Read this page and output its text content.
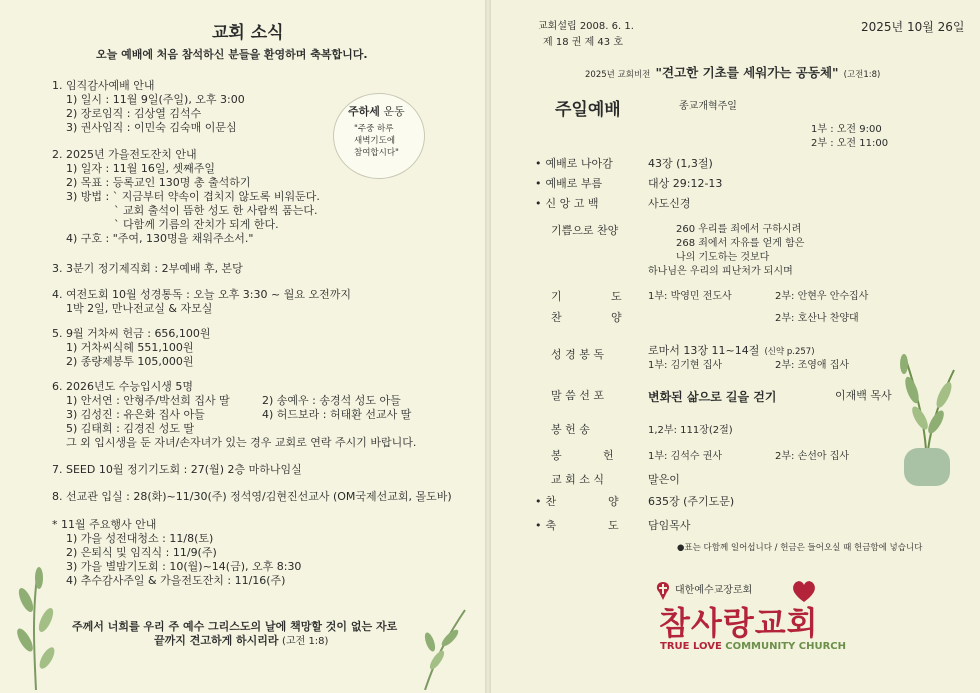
교회 소식
오늘 예배에 처음 참석하신 분들을 환영하며 축복합니다.
주하세 운동
"주중 하루
새벽기도에
참여합시다"
1. 임직감사예배 안내
1) 일시 : 11월 9일(주일), 오후 3:00
2) 장로임직 : 김상열 김석수
3) 권사임직 : 이민숙 김숙매 이문심
2. 2025년 가을전도잔치 안내
1) 일자 : 11월 16일, 셋째주일
2) 목표 : 등록교인 130명 총 출석하기
3) 방법 : ` 지금부터 약속이 겹치지 않도록 비워둔다.
` 교회 출석이 뜸한 성도 한 사람씩 품는다.
` 다함께 기름의 잔치가 되게 한다.
4) 구호 : "주여, 130명을 채워주소서."
3. 3분기 정기제직회 : 2부예배 후, 본당
4. 여전도회 10월 성경통독 : 오늘 오후 3:30 ~ 월요 오전까지
1박 2일, 만나전교실 & 자모실
5. 9월 거차씨 헌금 : 656,100원
1) 거차씨식헤 551,100원
2) 종량제봉투 105,000원
6. 2026년도 수능입시생 5명
1) 안서연 : 안형주/박선희 집사 딸	2) 송예우 : 송경석 성도 아들
3) 김성진 : 유은화 집사 아들	4) 허드보라 : 허태환 선교사 딸
5) 김태희 : 김경진 성도 딸
그 외 입시생을 둔 자녀/손자녀가 있는 경우 교회로 연락 주시기 바랍니다.
7. SEED 10월 정기기도회 : 27(월) 2층 마하나임실
8. 선교관 입실 : 28(화)~11/30(주) 정석영/김현진선교사 (OM국제선교회, 몰도바)
* 11월 주요행사 안내
1) 가을 성전대청소 : 11/8(토)
2) 은퇴식 및 임직식 : 11/9(주)
3) 가을 별밤기도회 : 10(월)~14(금), 오후 8:30
4) 추수감사주일 & 가을전도잔치 : 11/16(주)
주께서 너희를 우리 주 예수 그리스도의 날에 책망할 것이 없는 자로
끝까지 견고하게 하시리라 (고전 1:8)
교회설립 2008. 6. 1.
제 18 권 제 43 호
2025년 10월 26일
2025년 교회비전 "견고한 기초를 세워가는 공동체" (고전1:8)
주일예배	종교개혁주일
1부 : 오전 9:00
2부 : 오전 11:00
• 예배로 나아감	43장 (1,3절)
• 예배로 부름	대상 29:12-13
• 신 앙 고 백	사도신경
기쁨으로 찬양	260 우리를 죄에서 구하시려
268 죄에서 자유를 얻게 함은
나의 기도하는 것보다
하나님은 우리의 피난처가 되시며
기	도	1부: 박영민 전도사	2부: 안현우 안수집사
찬	양	2부: 호산나 찬양대
성 경 봉 독	로마서 13장 11~14절 (신약 p.257)
1부: 김기현 집사	2부: 조영애 집사
말 씀 선 포	변화된 삶으로 길을 걷기	이재백 목사
봉 헌 송	1,2부: 111장(2절)
봉	헌	1부: 김석수 권사	2부: 손선아 집사
교 회 소 식	말은이
• 찬	양	635장 (주기도문)
• 축	도	담임목사
●표는 다함께 일어섭니다 / 헌금은 들어오실 때 헌금함에 넣습니다
대한예수교장로회
참사랑교회
TRUE LOVE COMMUNITY CHURCH
